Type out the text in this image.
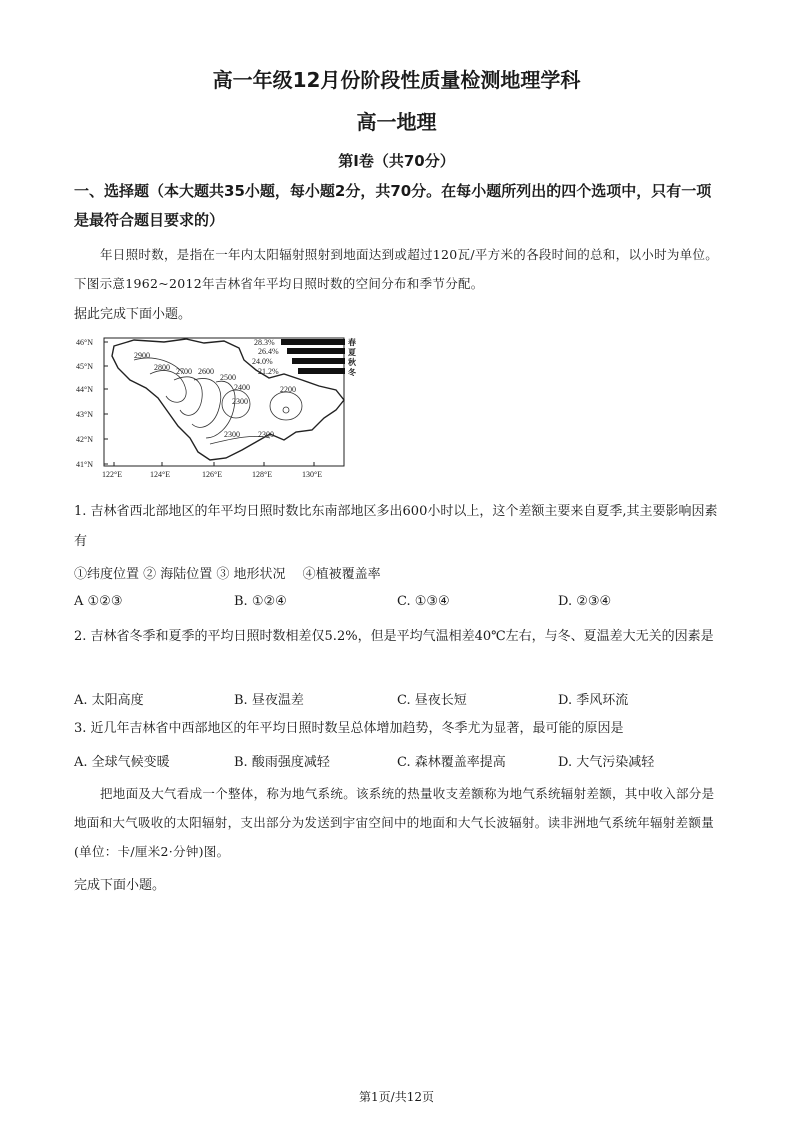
高一年级12月份阶段性质量检测地理学科
高一地理
第Ⅰ卷（共70分）
一、选择题（本大题共35小题，每小题2分，共70分。在每小题所列出的四个选项中，只有一项是最符合题目要求的）
年日照时数，是指在一年内太阳辐射照射到地面达到或超过120瓦/平方米的各段时间的总和，以小时为单位。下图示意1962~2012年吉林省年平均日照时数的空间分布和季节分配。
据此完成下面小题。
46°N
45°N
44°N
43°N
42°N
41°N
122°E	124°E	126°E	128°E	130°E
2900
2800 2700 2600
2500
2400
2300
2200
2300 2300
28.3%
26.4%
24.0%
21.2%
春
夏
秋
冬
1. 吉林省西北部地区的年平均日照时数比东南部地区多出600小时以上，这个差额主要来自夏季,其主要影响因素有
①纬度位置 ② 海陆位置 ③ 地形状况　 ④植被覆盖率
A ①②③	B. ①②④	C. ①③④	D. ②③④
2. 吉林省冬季和夏季的平均日照时数相差仅5.2%，但是平均气温相差40℃左右，与冬、夏温差大无关的因素是
A. 太阳高度	B. 昼夜温差	C. 昼夜长短	D. 季风环流
3. 近几年吉林省中西部地区的年平均日照时数呈总体增加趋势，冬季尤为显著，最可能的原因是
A. 全球气候变暖	B. 酸雨强度减轻	C. 森林覆盖率提高	D. 大气污染减轻
把地面及大气看成一个整体，称为地气系统。该系统的热量收支差额称为地气系统辐射差额，其中收入部分是地面和大气吸收的太阳辐射，支出部分为发送到宇宙空间中的地面和大气长波辐射。读非洲地气系统年辐射差额量(单位：卡/厘米2·分钟)图。
完成下面小题。
第1页/共12页
